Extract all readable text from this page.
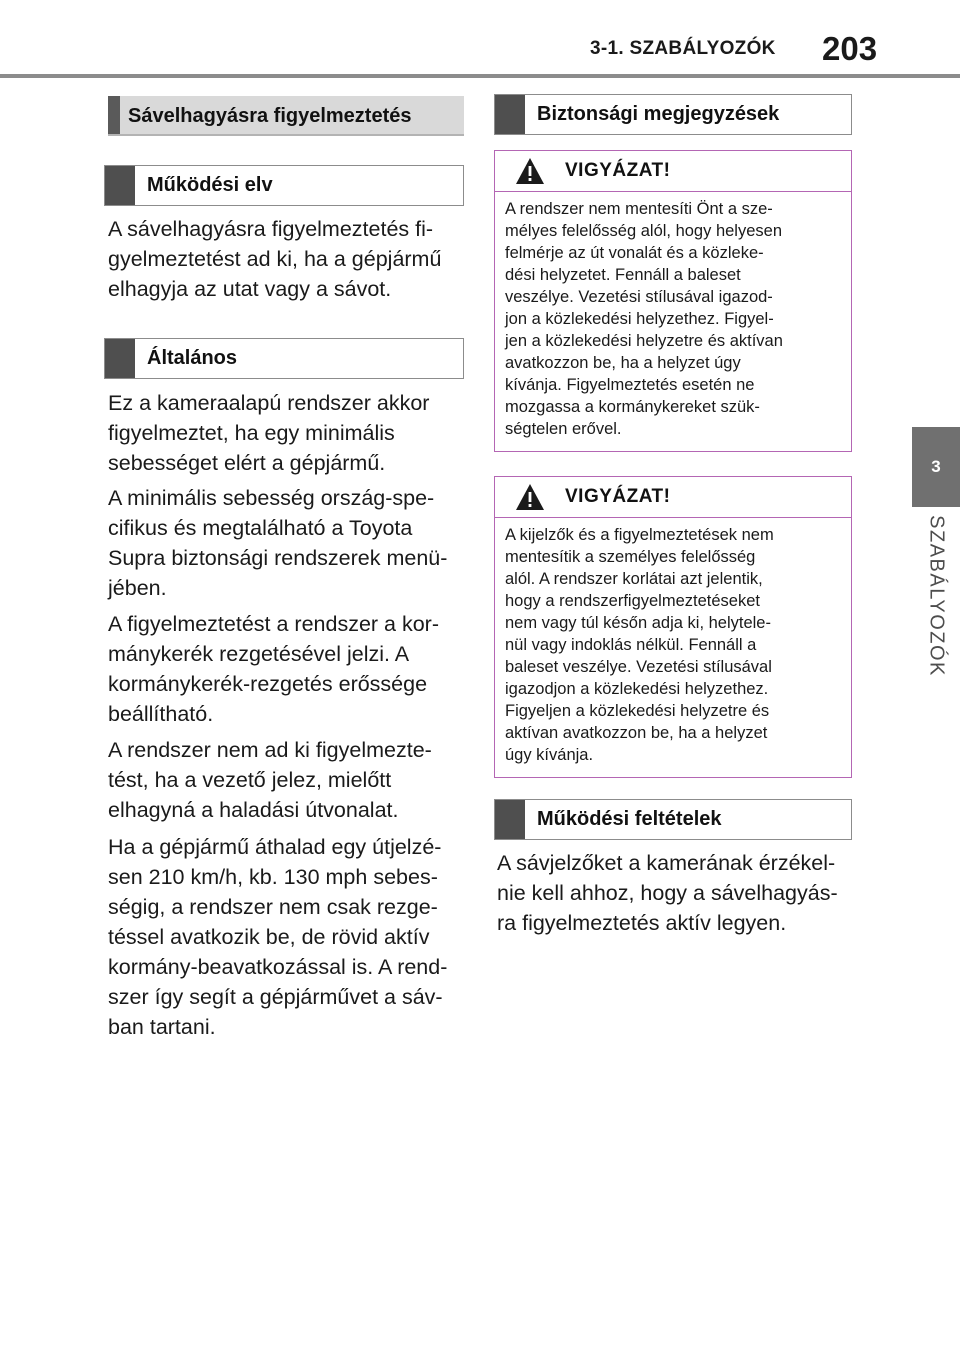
3-1. SZABÁLYOZÓK 203
3
SZABÁLYOZÓK
Sávelhagyásra figyelmeztetés
Működési elv
A sávelhagyásra figyelmeztetés fi-
gyelmeztetést ad ki, ha a gépjármű
elhagyja az utat vagy a sávot.
Általános
Ez a kameraalapú rendszer akkor
figyelmeztet, ha egy minimális
sebességet elért a gépjármű.
A minimális sebesség ország-spe-
cifikus és megtalálható a Toyota
Supra biztonsági rendszerek menü-
jében.
A figyelmeztetést a rendszer a kor-
mánykerék rezgetésével jelzi. A
kormánykerék-rezgetés erőssége
beállítható.
A rendszer nem ad ki figyelmezte-
tést, ha a vezető jelez, mielőtt
elhagyná a haladási útvonalat.
Ha a gépjármű áthalad egy útjelzé-
sen 210 km/h, kb. 130 mph sebes-
ségig, a rendszer nem csak rezge-
téssel avatkozik be, de rövid aktív
kormány-beavatkozással is. A rend-
szer így segít a gépjárművet a sáv-
ban tartani.
Biztonsági megjegyzések
VIGYÁZAT!
A rendszer nem mentesíti Önt a sze-
mélyes felelősség alól, hogy helyesen
felmérje az út vonalát és a közleke-
dési helyzetet. Fennáll a baleset
veszélye. Vezetési stílusával igazod-
jon a közlekedési helyzethez. Figyel-
jen a közlekedési helyzetre és aktívan
avatkozzon be, ha a helyzet úgy
kívánja. Figyelmeztetés esetén ne
mozgassa a kormánykereket szük-
ségtelen erővel.
VIGYÁZAT!
A kijelzők és a figyelmeztetések nem
mentesítik a személyes felelősség
alól. A rendszer korlátai azt jelentik,
hogy a rendszerfigyelmeztetéseket
nem vagy túl későn adja ki, helytele-
nül vagy indoklás nélkül. Fennáll a
baleset veszélye. Vezetési stílusával
igazodjon a közlekedési helyzethez.
Figyeljen a közlekedési helyzetre és
aktívan avatkozzon be, ha a helyzet
úgy kívánja.
Működési feltételek
A sávjelzőket a kamerának érzékel-
nie kell ahhoz, hogy a sávelhagyás-
ra figyelmeztetés aktív legyen.
